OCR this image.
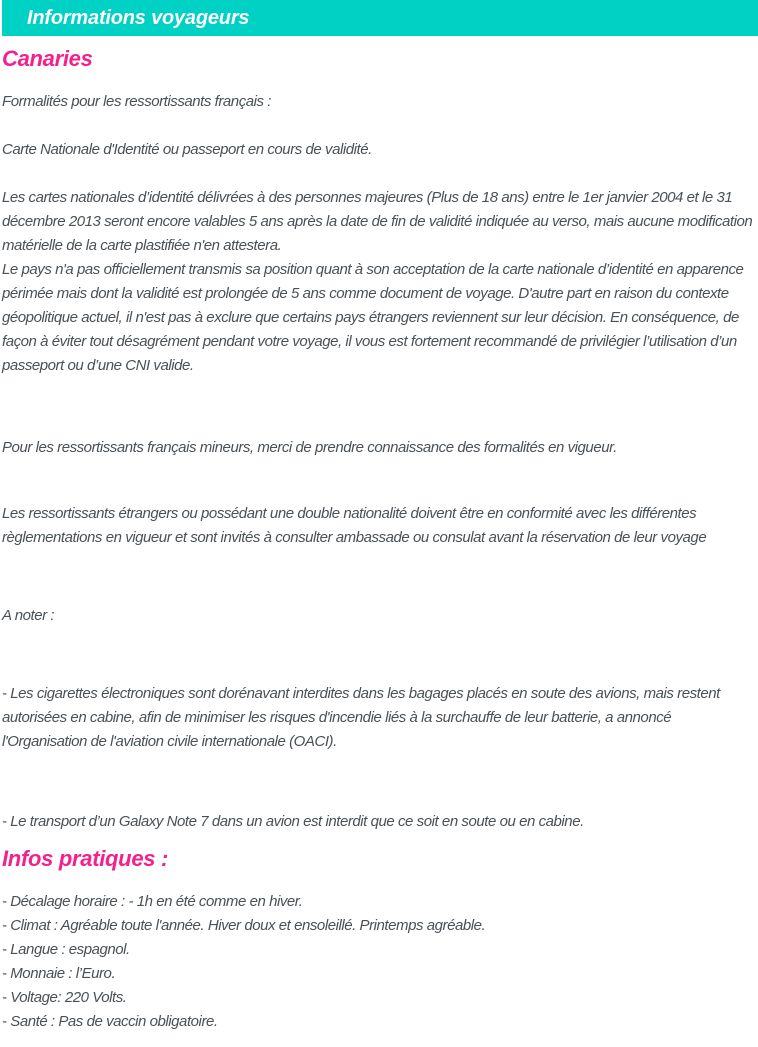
Informations voyageurs
Canaries

Formalités pour les ressortissants français :

Carte Nationale d'Identité ou passeport en cours de validité.

Les cartes nationales d’identité délivrées à des personnes majeures (Plus de 18 ans) entre le 1er janvier 2004 et le 31 décembre 2013 seront encore valables 5 ans après la date de fin de validité indiquée au verso, mais aucune modification matérielle de la carte plastifiée n'en attestera.

Le pays n'a pas officiellement transmis sa position quant à son acceptation de la carte nationale d’identité en apparence périmée mais dont la validité est prolongée de 5 ans comme document de voyage. D'autre part en raison du contexte géopolitique actuel, il n'est pas à exclure que certains pays étrangers reviennent sur leur décision. En conséquence, de façon à éviter tout désagrément pendant votre voyage, il vous est fortement recommandé de privilégier l’utilisation d’un passeport ou d’une CNI valide.

Pour les ressortissants français mineurs, merci de prendre connaissance des formalités en vigueur.

Les ressortissants étrangers ou possédant une double nationalité doivent être en conformité avec les différentes règlementations en vigueur et sont invités à consulter ambassade ou consulat avant la réservation de leur voyage

A noter :

- Les cigarettes électroniques sont dorénavant interdites dans les bagages placés en soute des avions, mais restent autorisées en cabine, afin de minimiser les risques d'incendie liés à la surchauffe de leur batterie, a annoncé l'Organisation de l'aviation civile internationale (OACI).

- Le transport d’un Galaxy Note 7 dans un avion est interdit que ce soit en soute ou en cabine.

Infos pratiques :

- Décalage horaire : - 1h en été comme en hiver.

- Climat : Agréable toute l'année. Hiver doux et ensoleillé. Printemps agréable.

- Langue : espagnol.

- Monnaie : l’Euro.

- Voltage: 220 Volts.

- Santé : Pas de vaccin obligatoire.
